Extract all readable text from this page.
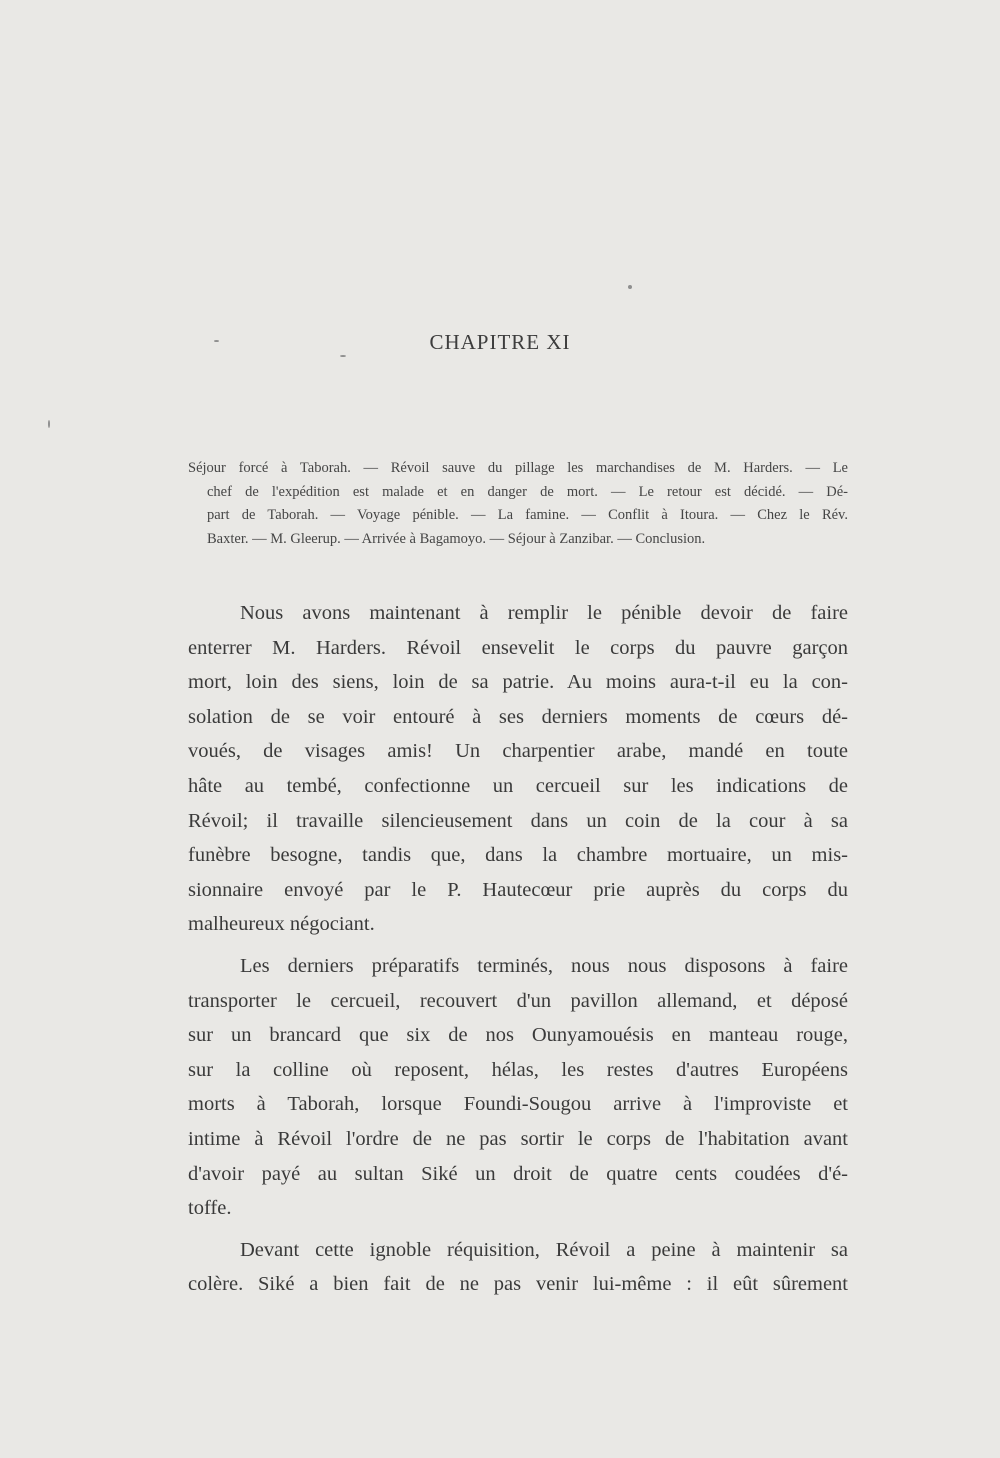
CHAPITRE XI
Séjour forcé à Taborah. — Révoil sauve du pillage les marchandises de M. Harders. — Le
chef de l'expédition est malade et en danger de mort. — Le retour est décidé. — Dé-
part de Taborah. — Voyage pénible. — La famine. — Conflit à Itoura. — Chez le Rév.
Baxter. — M. Gleerup. — Arrivée à Bagamoyo. — Séjour à Zanzibar. — Conclusion.
Nous avons maintenant à remplir le pénible devoir de faire
enterrer M. Harders. Révoil ensevelit le corps du pauvre garçon
mort, loin des siens, loin de sa patrie. Au moins aura-t-il eu la con-
solation de se voir entouré à ses derniers moments de cœurs dé-
voués, de visages amis! Un charpentier arabe, mandé en toute
hâte au tembé, confectionne un cercueil sur les indications de
Révoil; il travaille silencieusement dans un coin de la cour à sa
funèbre besogne, tandis que, dans la chambre mortuaire, un mis-
sionnaire envoyé par le P. Hautecœur prie auprès du corps du
malheureux négociant.
Les derniers préparatifs terminés, nous nous disposons à faire
transporter le cercueil, recouvert d'un pavillon allemand, et déposé
sur un brancard que six de nos Ounyamouésis en manteau rouge,
sur la colline où reposent, hélas, les restes d'autres Européens
morts à Taborah, lorsque Foundi-Sougou arrive à l'improviste et
intime à Révoil l'ordre de ne pas sortir le corps de l'habitation avant
d'avoir payé au sultan Siké un droit de quatre cents coudées d'é-
toffe.
Devant cette ignoble réquisition, Révoil a peine à maintenir sa
colère. Siké a bien fait de ne pas venir lui-même : il eût sûrement
